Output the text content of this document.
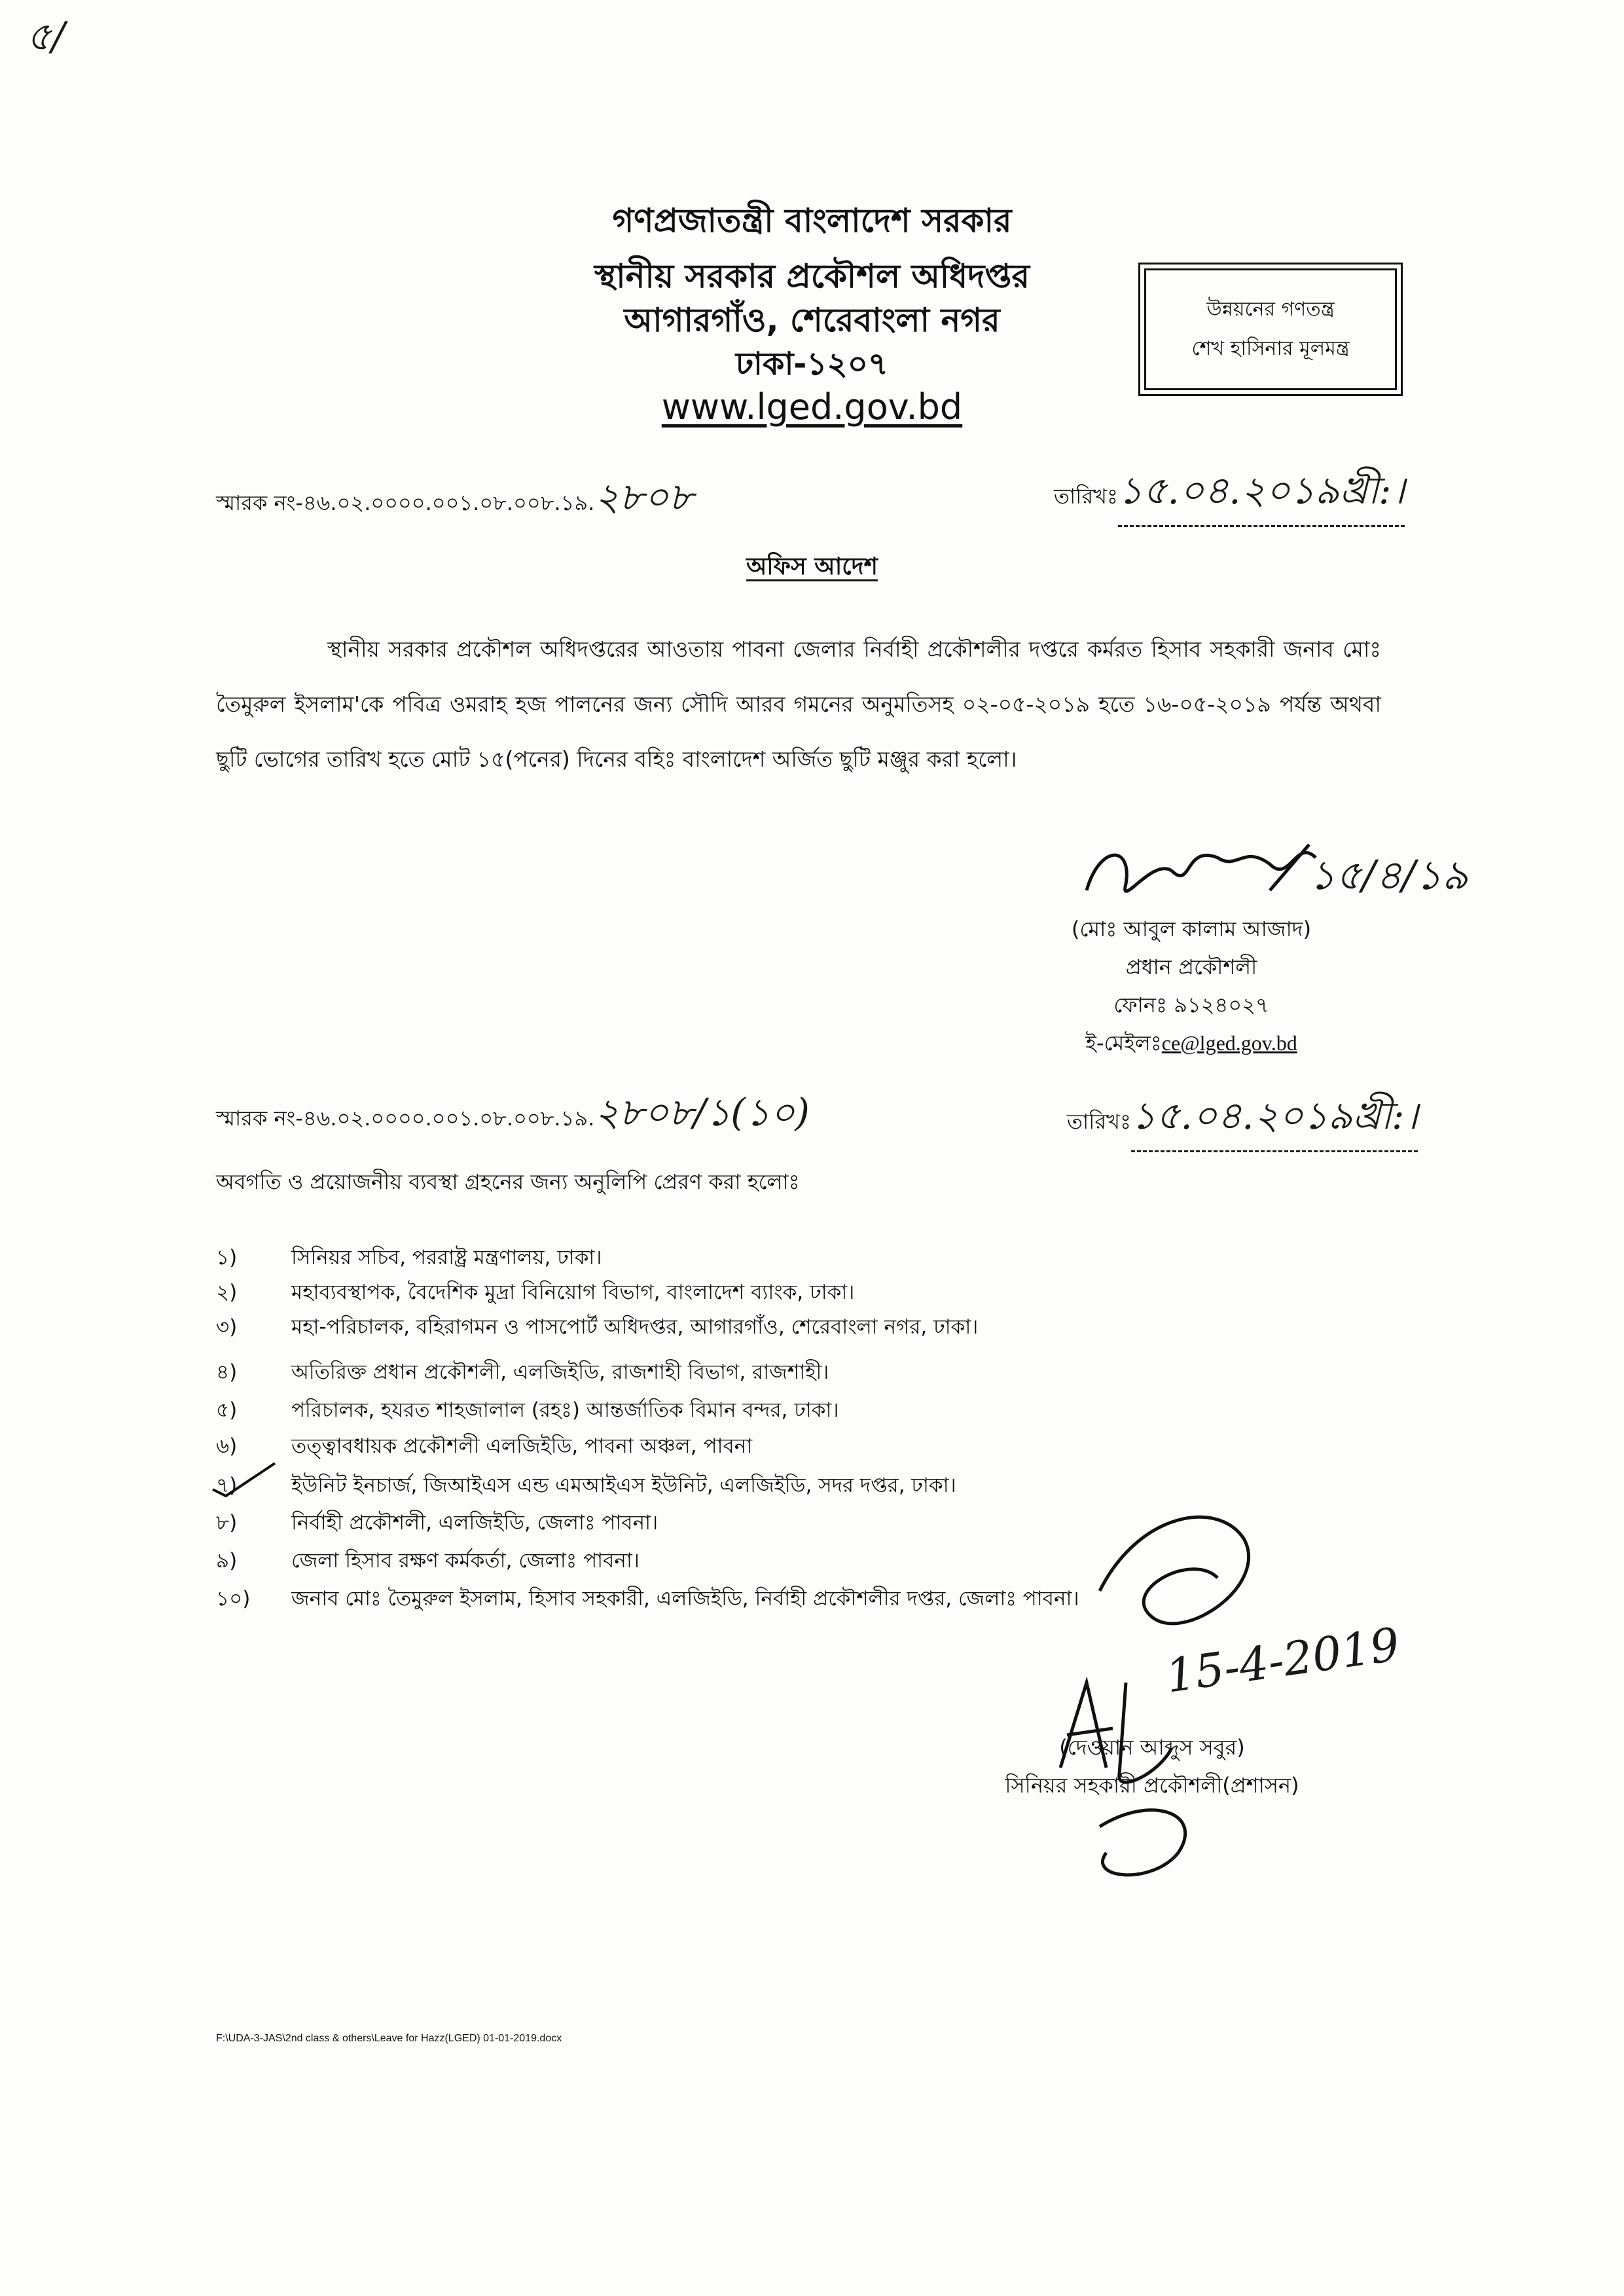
৫/
গণপ্রজাতন্ত্রী বাংলাদেশ সরকার
স্থানীয় সরকার প্রকৌশল অধিদপ্তর
আগারগাঁও, শেরেবাংলা নগর
ঢাকা-১২০৭
www.lged.gov.bd
উন্নয়নের গণতন্ত্র
শেখ হাসিনার মূলমন্ত্র
স্মারক নং-৪৬.০২.০০০০.০০১.০৮.০০৮.১৯.২৮০৮	তারিখঃ১৫.০৪.২০১৯খ্রী:।
অফিস আদেশ
স্থানীয় সরকার প্রকৌশল অধিদপ্তরের আওতায় পাবনা জেলার নির্বাহী প্রকৌশলীর দপ্তরে কর্মরত হিসাব সহকারী জনাব মোঃ তৈমুরুল ইসলাম'কে পবিত্র ওমরাহ হজ পালনের জন্য সৌদি আরব গমনের অনুমতিসহ ০২-০৫-২০১৯ হতে ১৬-০৫-২০১৯ পর্যন্ত অথবা ছুটি ভোগের তারিখ হতে মোট ১৫(পনের) দিনের বহিঃ বাংলাদেশ অর্জিত ছুটি মঞ্জুর করা হলো।
১৫/৪/১৯
(মোঃ আবুল কালাম আজাদ)
প্রধান প্রকৌশলী
ফোনঃ ৯১২৪০২৭
ই-মেইলঃce@lged.gov.bd
স্মারক নং-৪৬.০২.০০০০.০০১.০৮.০০৮.১৯.২৮০৮/১(১০)	তারিখঃ১৫.০৪.২০১৯খ্রী:।
অবগতি ও প্রয়োজনীয় ব্যবস্থা গ্রহনের জন্য অনুলিপি প্রেরণ করা হলোঃ
১)	সিনিয়র সচিব, পররাষ্ট্র মন্ত্রণালয়, ঢাকা।
২)	মহাব্যবস্থাপক, বৈদেশিক মুদ্রা বিনিয়োগ বিভাগ, বাংলাদেশ ব্যাংক, ঢাকা।
৩)	মহা-পরিচালক, বহিরাগমন ও পাসপোর্ট অধিদপ্তর, আগারগাঁও, শেরেবাংলা নগর, ঢাকা।
৪)	অতিরিক্ত প্রধান প্রকৌশলী, এলজিইডি, রাজশাহী বিভাগ, রাজশাহী।
৫)	পরিচালক, হযরত শাহজালাল (রহঃ) আন্তর্জাতিক বিমান বন্দর, ঢাকা।
৬)	তত্ত্বাবধায়ক প্রকৌশলী এলজিইডি, পাবনা অঞ্চল, পাবনা
৭)	ইউনিট ইনচার্জ, জিআইএস এন্ড এমআইএস ইউনিট, এলজিইডি, সদর দপ্তর, ঢাকা।
৮)	নির্বাহী প্রকৌশলী, এলজিইডি, জেলাঃ পাবনা।
৯)	জেলা হিসাব রক্ষণ কর্মকর্তা, জেলাঃ পাবনা।
১০)	জনাব মোঃ তৈমুরুল ইসলাম, হিসাব সহকারী, এলজিইডি, নির্বাহী প্রকৌশলীর দপ্তর, জেলাঃ পাবনা।
15-4-2019
(দেওয়ান আব্দুস সবুর)
সিনিয়র সহকারী প্রকৌশলী(প্রশাসন)
F:\UDA-3-JAS\2nd class & others\Leave for Hazz(LGED) 01-01-2019.docx
